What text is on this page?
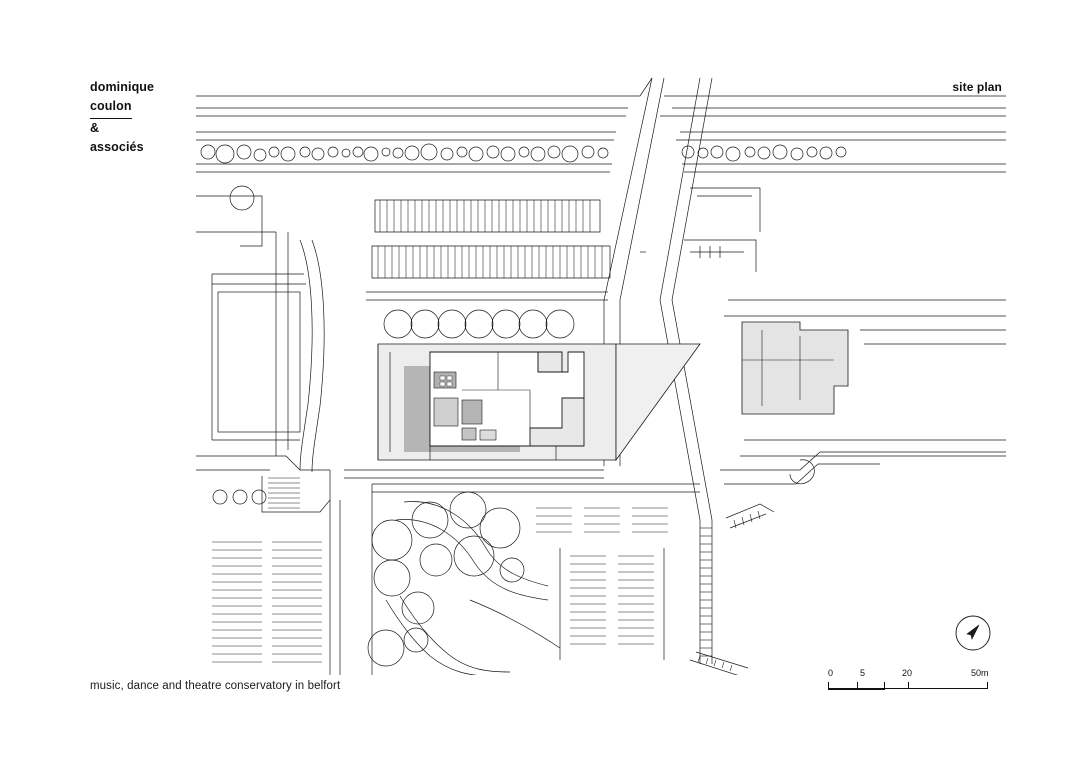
dominique
coulon
&
associés
site plan
music, dance and theatre conservatory in belfort
0	5	20	50m
